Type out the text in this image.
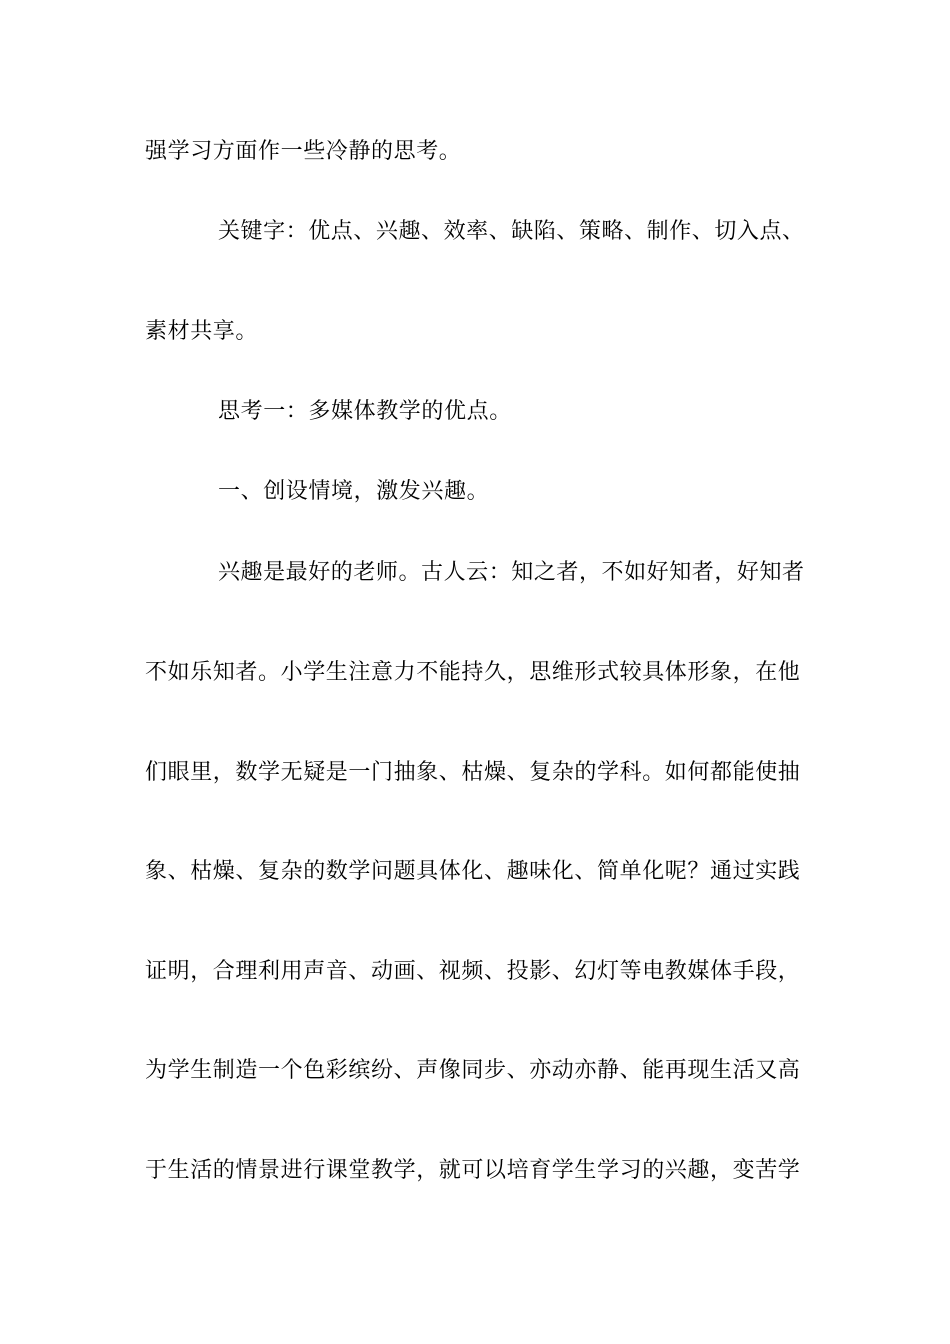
强学习方面作一些冷静的思考。
关键字：优点、兴趣、效率、缺陷、策略、制作、切入点、
素材共享。
思考一：多媒体教学的优点。
一、创设情境，激发兴趣。
兴趣是最好的老师。古人云：知之者，不如好知者，好知者
不如乐知者。小学生注意力不能持久，思维形式较具体形象，在他
们眼里，数学无疑是一门抽象、枯燥、复杂的学科。如何都能使抽
象、枯燥、复杂的数学问题具体化、趣味化、简单化呢？通过实践
证明，合理利用声音、动画、视频、投影、幻灯等电教媒体手段，
为学生制造一个色彩缤纷、声像同步、亦动亦静、能再现生活又高
于生活的情景进行课堂教学，就可以培育学生学习的兴趣，变苦学
